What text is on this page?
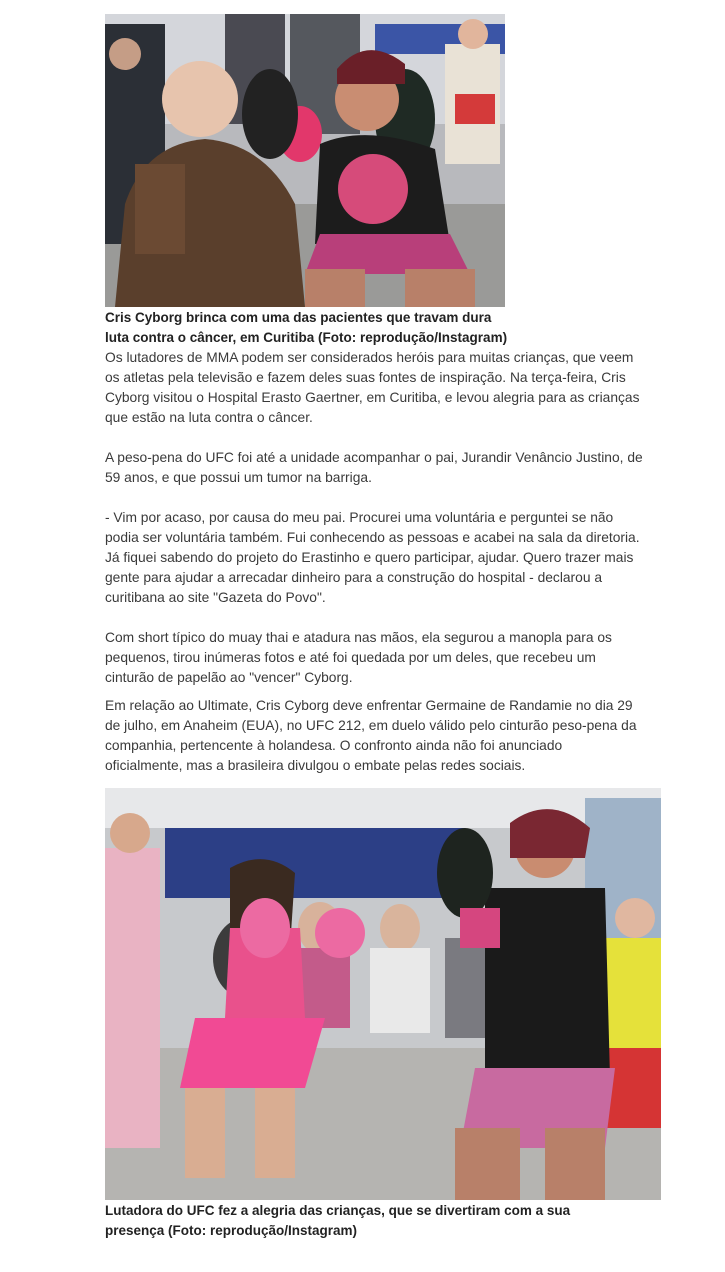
Cris Cyborg brinca com uma das pacientes que travam dura
luta contra o câncer, em Curitiba (Foto: reprodução/Instagram)

Os lutadores de MMA podem ser considerados heróis para muitas crianças, que veem
os atletas pela televisão e fazem deles suas fontes de inspiração. Na terça-feira, Cris
Cyborg visitou o Hospital Erasto Gaertner, em Curitiba, e levou alegria para as crianças
que estão na luta contra o câncer.

A peso-pena do UFC foi até a unidade acompanhar o pai, Jurandir Venâncio Justino, de
59 anos, e que possui um tumor na barriga.

- Vim por acaso, por causa do meu pai. Procurei uma voluntária e perguntei se não
podia ser voluntária também. Fui conhecendo as pessoas e acabei na sala da diretoria.
Já fiquei sabendo do projeto do Erastinho e quero participar, ajudar. Quero trazer mais
gente para ajudar a arrecadar dinheiro para a construção do hospital - declarou a
curitibana ao site "Gazeta do Povo".

Com short típico do muay thai e atadura nas mãos, ela segurou a manopla para os
pequenos, tirou inúmeras fotos e até foi quedada por um deles, que recebeu um
cinturão de papelão ao "vencer" Cyborg.

Em relação ao Ultimate, Cris Cyborg deve enfrentar Germaine de Randamie no dia 29
de julho, em Anaheim (EUA), no UFC 212, em duelo válido pelo cinturão peso-pena da
companhia, pertencente à holandesa. O confronto ainda não foi anunciado
oficialmente, mas a brasileira divulgou o embate pelas redes sociais.

Lutadora do UFC fez a alegria das crianças, que se divertiram com a sua
presença (Foto: reprodução/Instagram)
